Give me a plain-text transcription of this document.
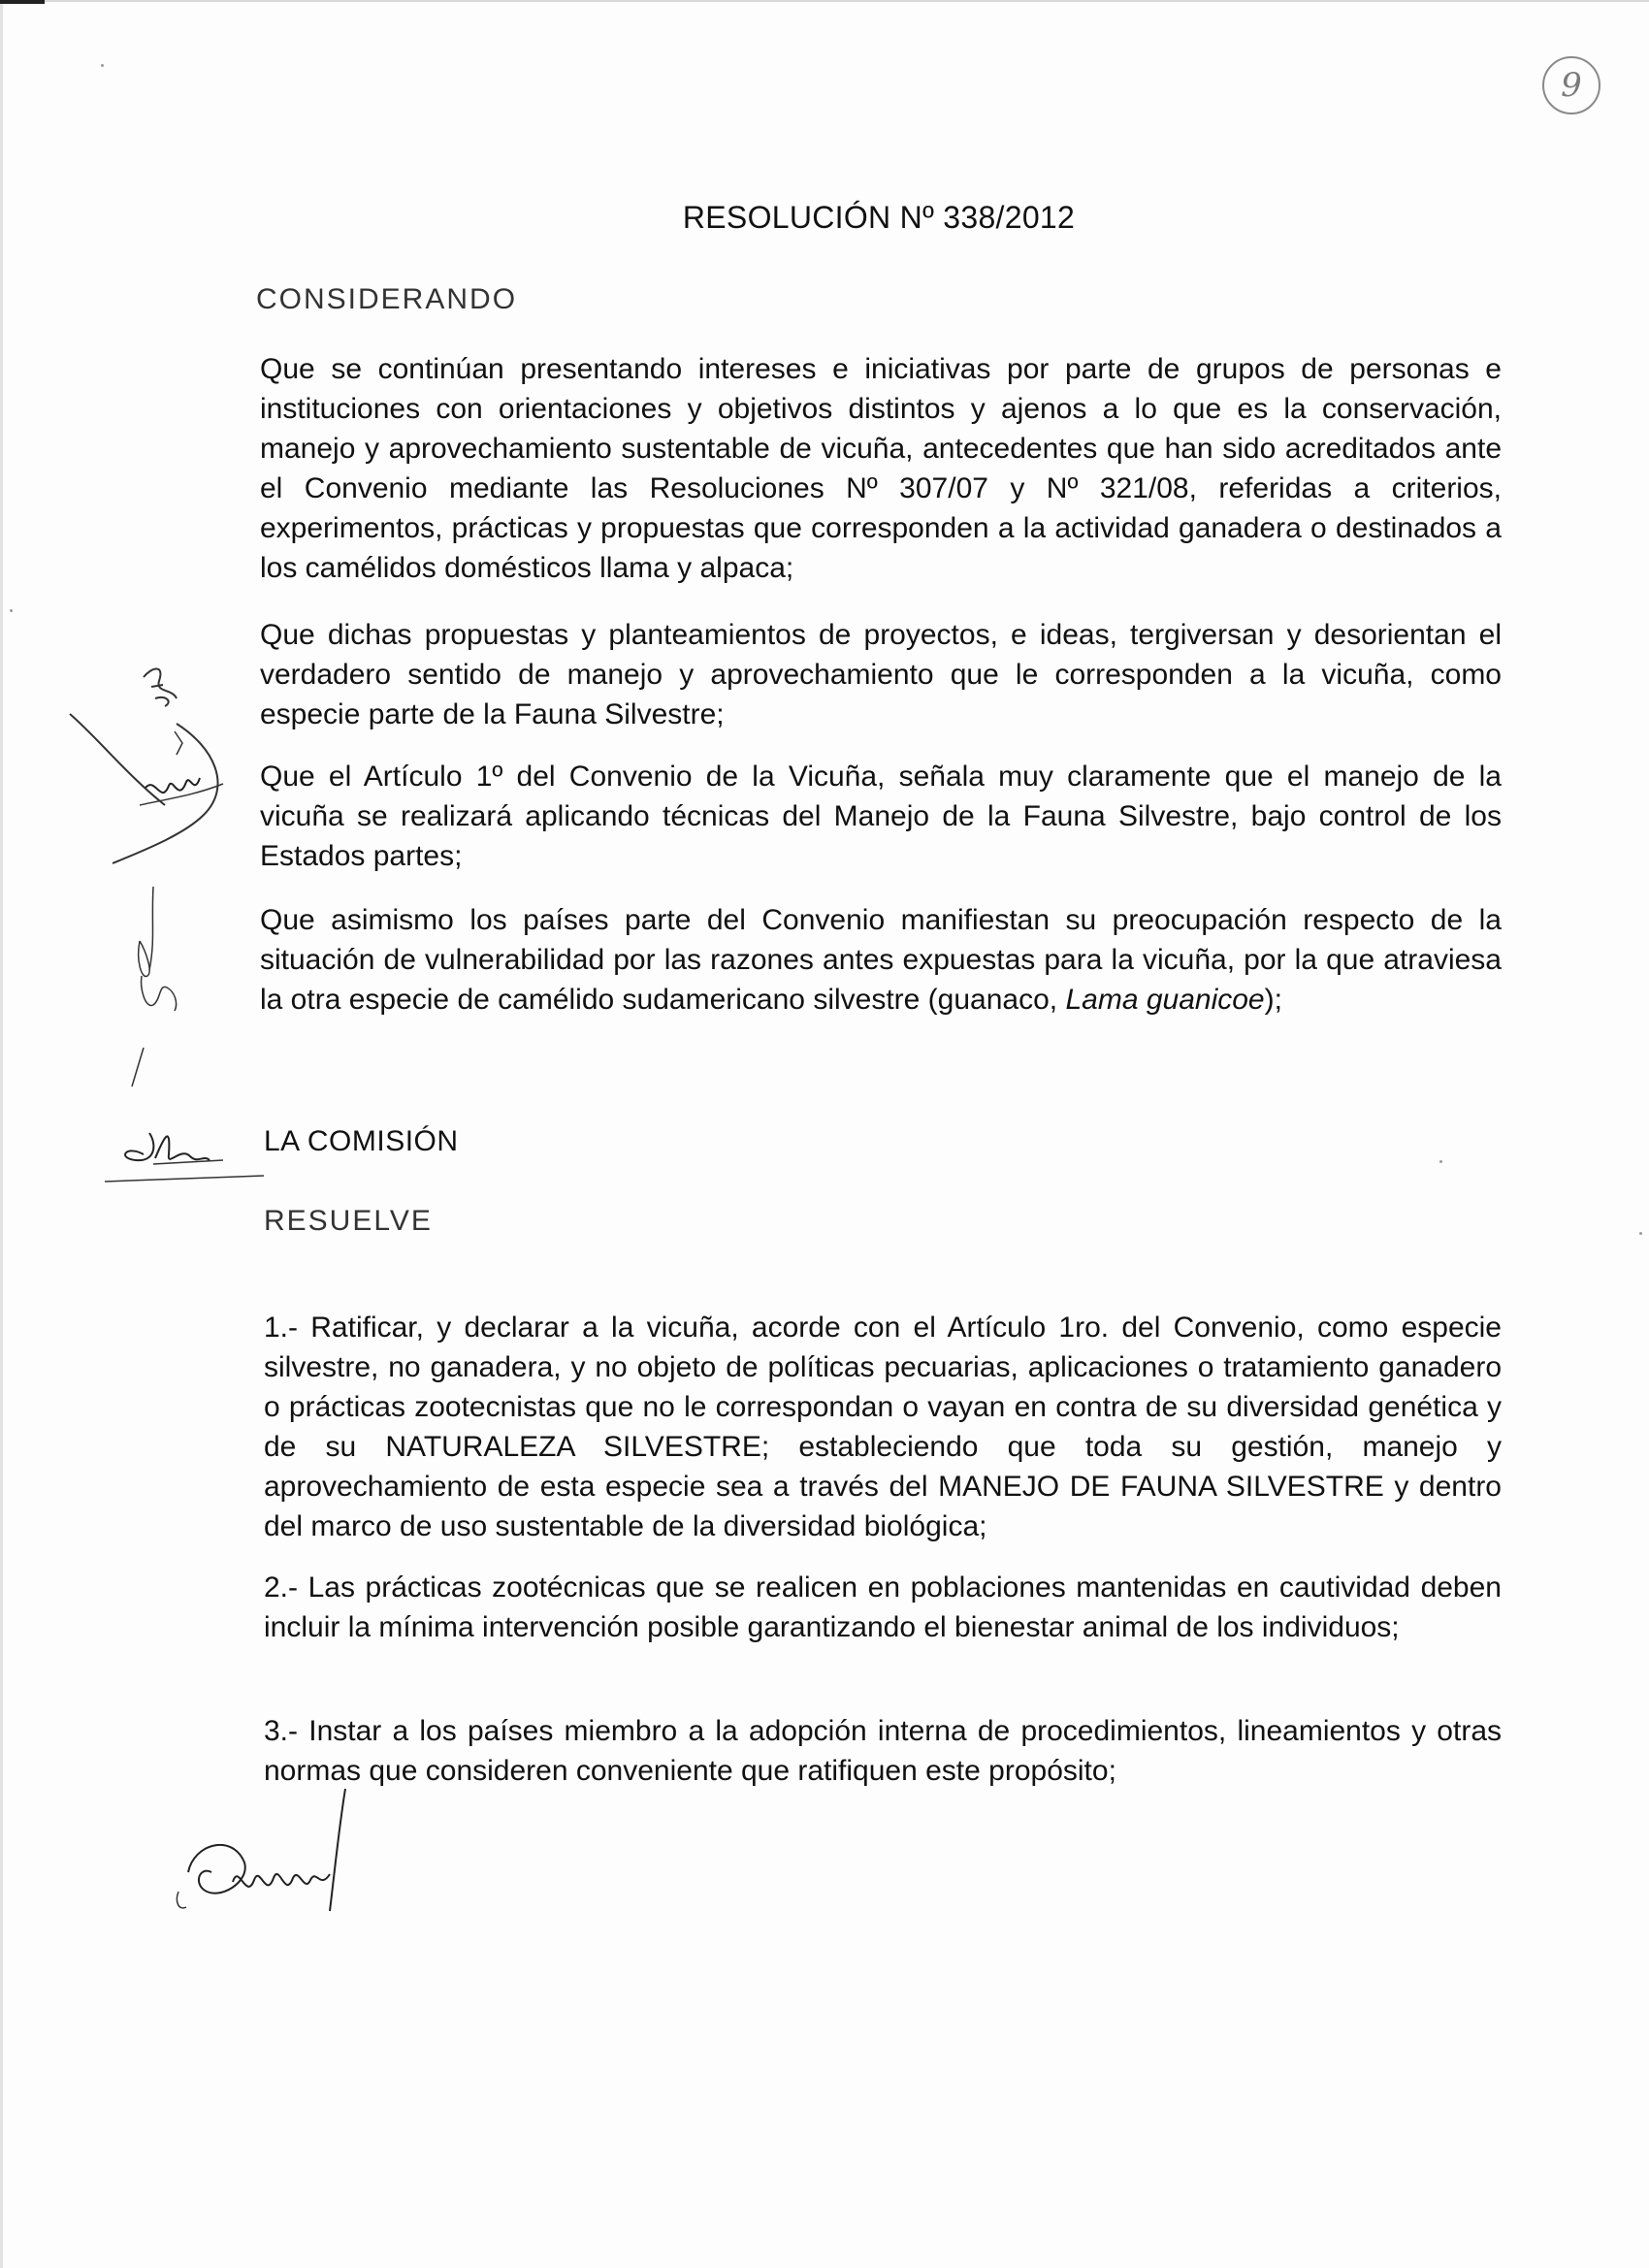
9
RESOLUCIÓN Nº 338/2012
CONSIDERANDO

Que se continúan presentando intereses e iniciativas por parte de grupos de personas e instituciones con orientaciones y objetivos distintos y ajenos a lo que es la conservación, manejo y aprovechamiento sustentable de vicuña, antecedentes que han sido acreditados ante el Convenio mediante las Resoluciones Nº 307/07 y Nº 321/08, referidas a criterios, experimentos, prácticas y propuestas que corresponden a la actividad ganadera o destinados a los camélidos domésticos llama y alpaca;

Que dichas propuestas y planteamientos de proyectos, e ideas, tergiversan y desorientan el verdadero sentido de manejo y aprovechamiento que le corresponden a la vicuña, como especie parte de la Fauna Silvestre;

Que el Artículo 1º del Convenio de la Vicuña, señala muy claramente que el manejo de la vicuña se realizará aplicando técnicas del Manejo de la Fauna Silvestre, bajo control de los Estados partes;

Que asimismo los países parte del Convenio manifiestan su preocupación respecto de la situación de vulnerabilidad por las razones antes expuestas para la vicuña, por la que atraviesa la otra especie de camélido sudamericano silvestre (guanaco, Lama guanicoe);

LA COMISIÓN
RESUELVE

1.- Ratificar, y declarar a la vicuña, acorde con el Artículo 1ro. del Convenio, como especie silvestre, no ganadera, y no objeto de políticas pecuarias, aplicaciones o tratamiento ganadero o prácticas zootecnistas que no le correspondan o vayan en contra de su diversidad genética y de su NATURALEZA SILVESTRE; estableciendo que toda su gestión, manejo y aprovechamiento de esta especie sea a través del MANEJO DE FAUNA SILVESTRE y dentro del marco de uso sustentable de la diversidad biológica;

2.- Las prácticas zootécnicas que se realicen en poblaciones mantenidas en cautividad deben incluir la mínima intervención posible garantizando el bienestar animal de los individuos;

3.- Instar a los países miembro a la adopción interna de procedimientos, lineamientos y otras normas que consideren conveniente que ratifiquen este propósito;
